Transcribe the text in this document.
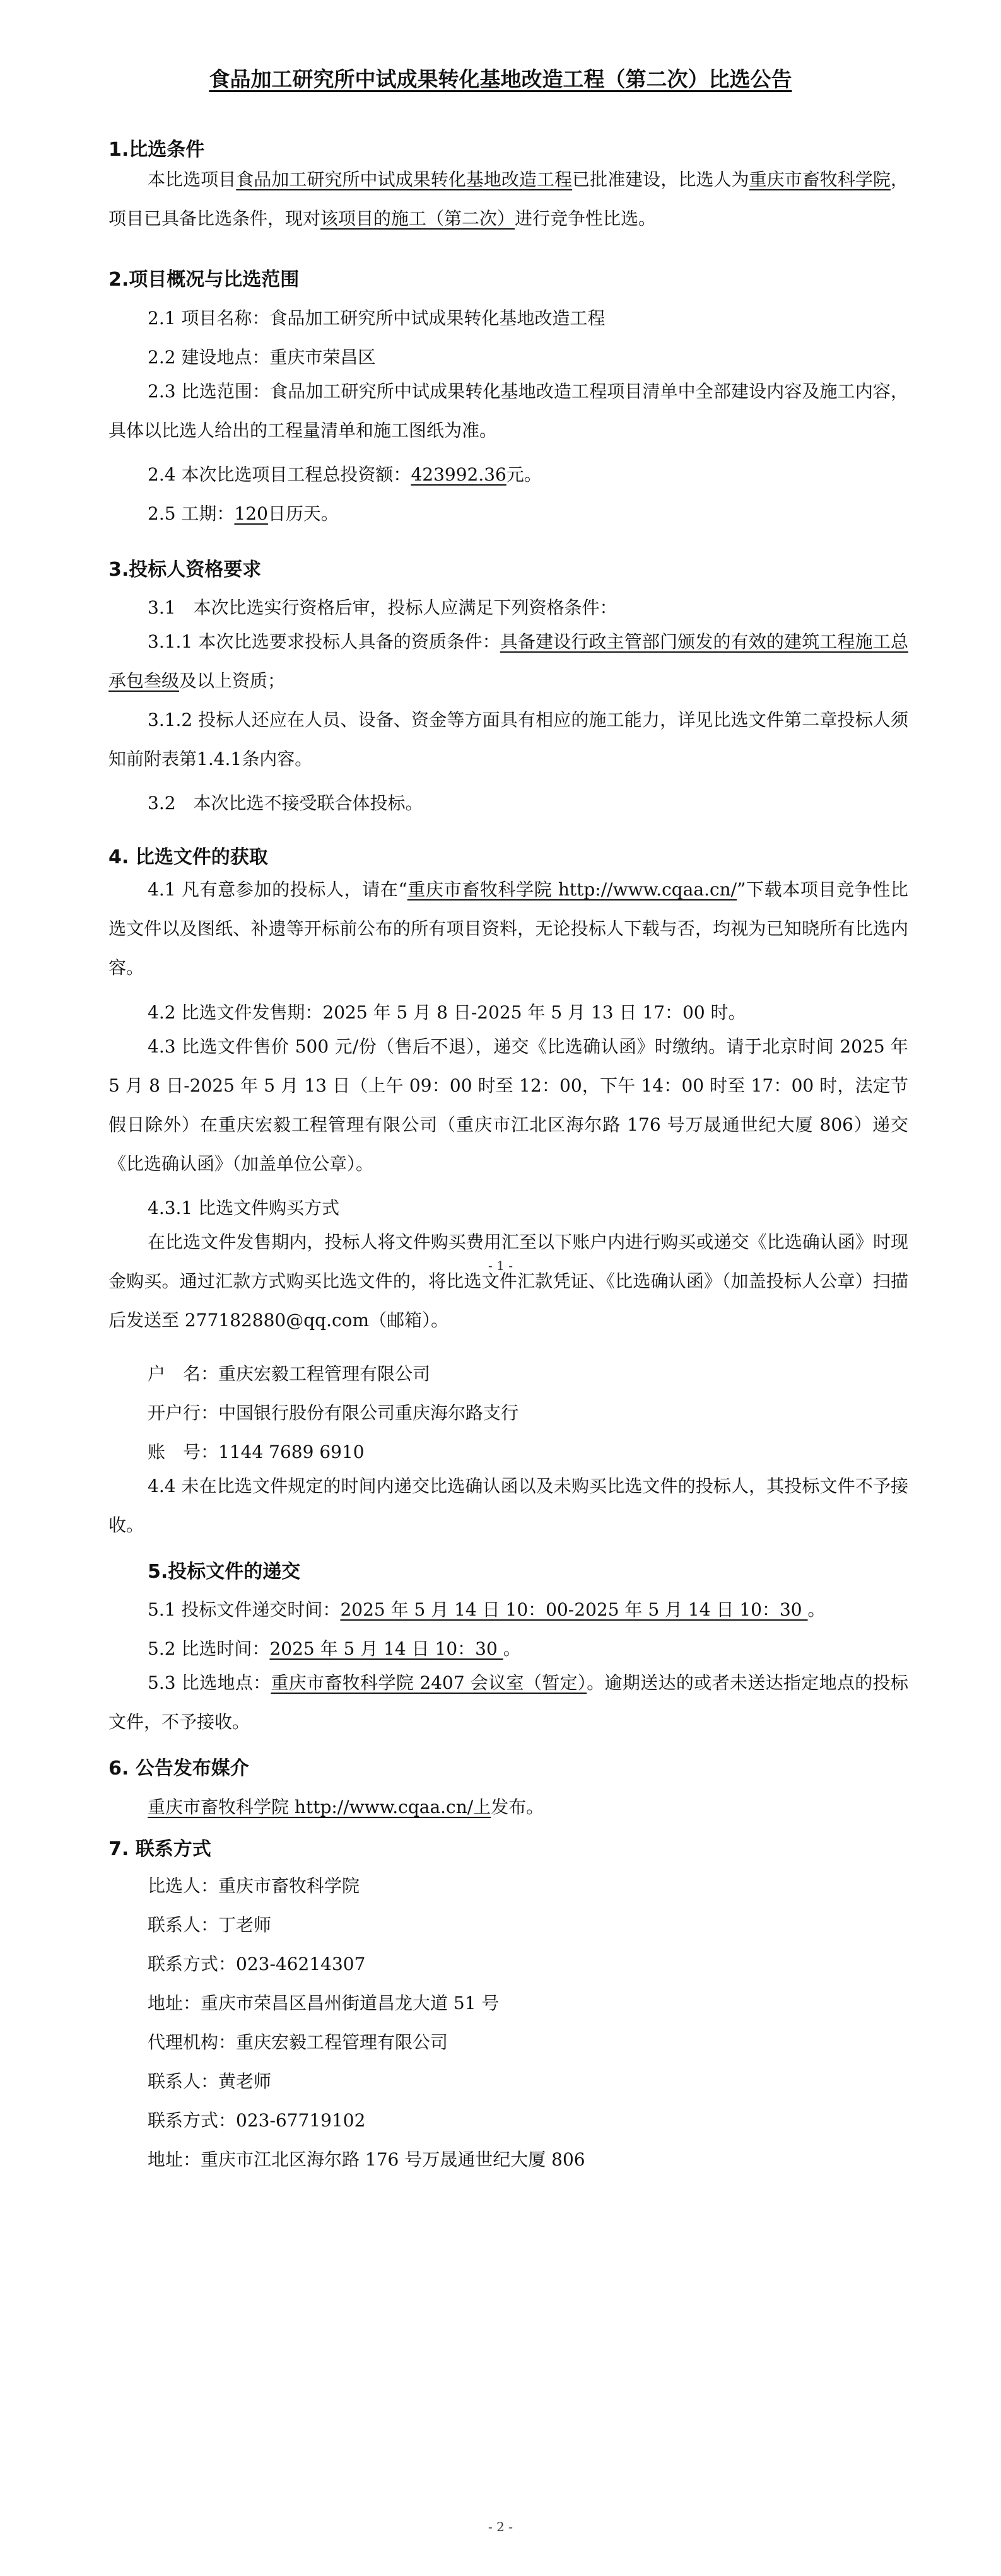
食品加工研究所中试成果转化基地改造工程（第二次）比选公告
1.比选条件
本比选项目食品加工研究所中试成果转化基地改造工程已批准建设，比选人为重庆市畜牧科学院，项目已具备比选条件，现对该项目的施工（第二次）进行竞争性比选。
2.项目概况与比选范围
2.1 项目名称：食品加工研究所中试成果转化基地改造工程
2.2 建设地点：重庆市荣昌区
2.3 比选范围：食品加工研究所中试成果转化基地改造工程项目清单中全部建设内容及施工内容，具体以比选人给出的工程量清单和施工图纸为准。
2.4 本次比选项目工程总投资额：423992.36元。
2.5 工期：120日历天。
3.投标人资格要求
3.1　本次比选实行资格后审，投标人应满足下列资格条件：
3.1.1 本次比选要求投标人具备的资质条件：具备建设行政主管部门颁发的有效的建筑工程施工总承包叁级及以上资质；
3.1.2 投标人还应在人员、设备、资金等方面具有相应的施工能力，详见比选文件第二章投标人须知前附表第1.4.1条内容。
3.2　本次比选不接受联合体投标。
4. 比选文件的获取
4.1 凡有意参加的投标人，请在“重庆市畜牧科学院 http://www.cqaa.cn/”下载本项目竞争性比选文件以及图纸、补遗等开标前公布的所有项目资料，无论投标人下载与否，均视为已知晓所有比选内容。
4.2 比选文件发售期：2025 年 5 月 8 日-2025 年 5 月 13 日 17：00 时。
4.3 比选文件售价 500 元/份（售后不退），递交《比选确认函》时缴纳。请于北京时间 2025 年 5 月 8 日-2025 年 5 月 13 日（上午 09：00 时至 12：00，下午 14：00 时至 17：00 时，法定节假日除外）在重庆宏毅工程管理有限公司（重庆市江北区海尔路 176 号万晟通世纪大厦 806）递交《比选确认函》（加盖单位公章）。
4.3.1 比选文件购买方式
在比选文件发售期内，投标人将文件购买费用汇至以下账户内进行购买或递交《比选确认函》时现金购买。通过汇款方式购买比选文件的，将比选文件汇款凭证、《比选确认函》（加盖投标人公章）扫描后发送至 277182880@qq.com（邮箱）。
- 1 -
户　名：重庆宏毅工程管理有限公司
开户行：中国银行股份有限公司重庆海尔路支行
账　号：1144 7689 6910
4.4 未在比选文件规定的时间内递交比选确认函以及未购买比选文件的投标人，其投标文件不予接收。
5.投标文件的递交
5.1 投标文件递交时间：2025 年 5 月 14 日 10：00-2025 年 5 月 14 日 10：30 。
5.2 比选时间：2025 年 5 月 14 日 10：30 。
5.3 比选地点：重庆市畜牧科学院 2407 会议室（暂定）。逾期送达的或者未送达指定地点的投标文件，不予接收。
6. 公告发布媒介
重庆市畜牧科学院 http://www.cqaa.cn/上发布。
7. 联系方式
比选人：重庆市畜牧科学院
联系人：丁老师
联系方式：023-46214307
地址：重庆市荣昌区昌州街道昌龙大道 51 号
代理机构：重庆宏毅工程管理有限公司
联系人：黄老师
联系方式：023-67719102
地址：重庆市江北区海尔路 176 号万晟通世纪大厦 806
- 2 -
